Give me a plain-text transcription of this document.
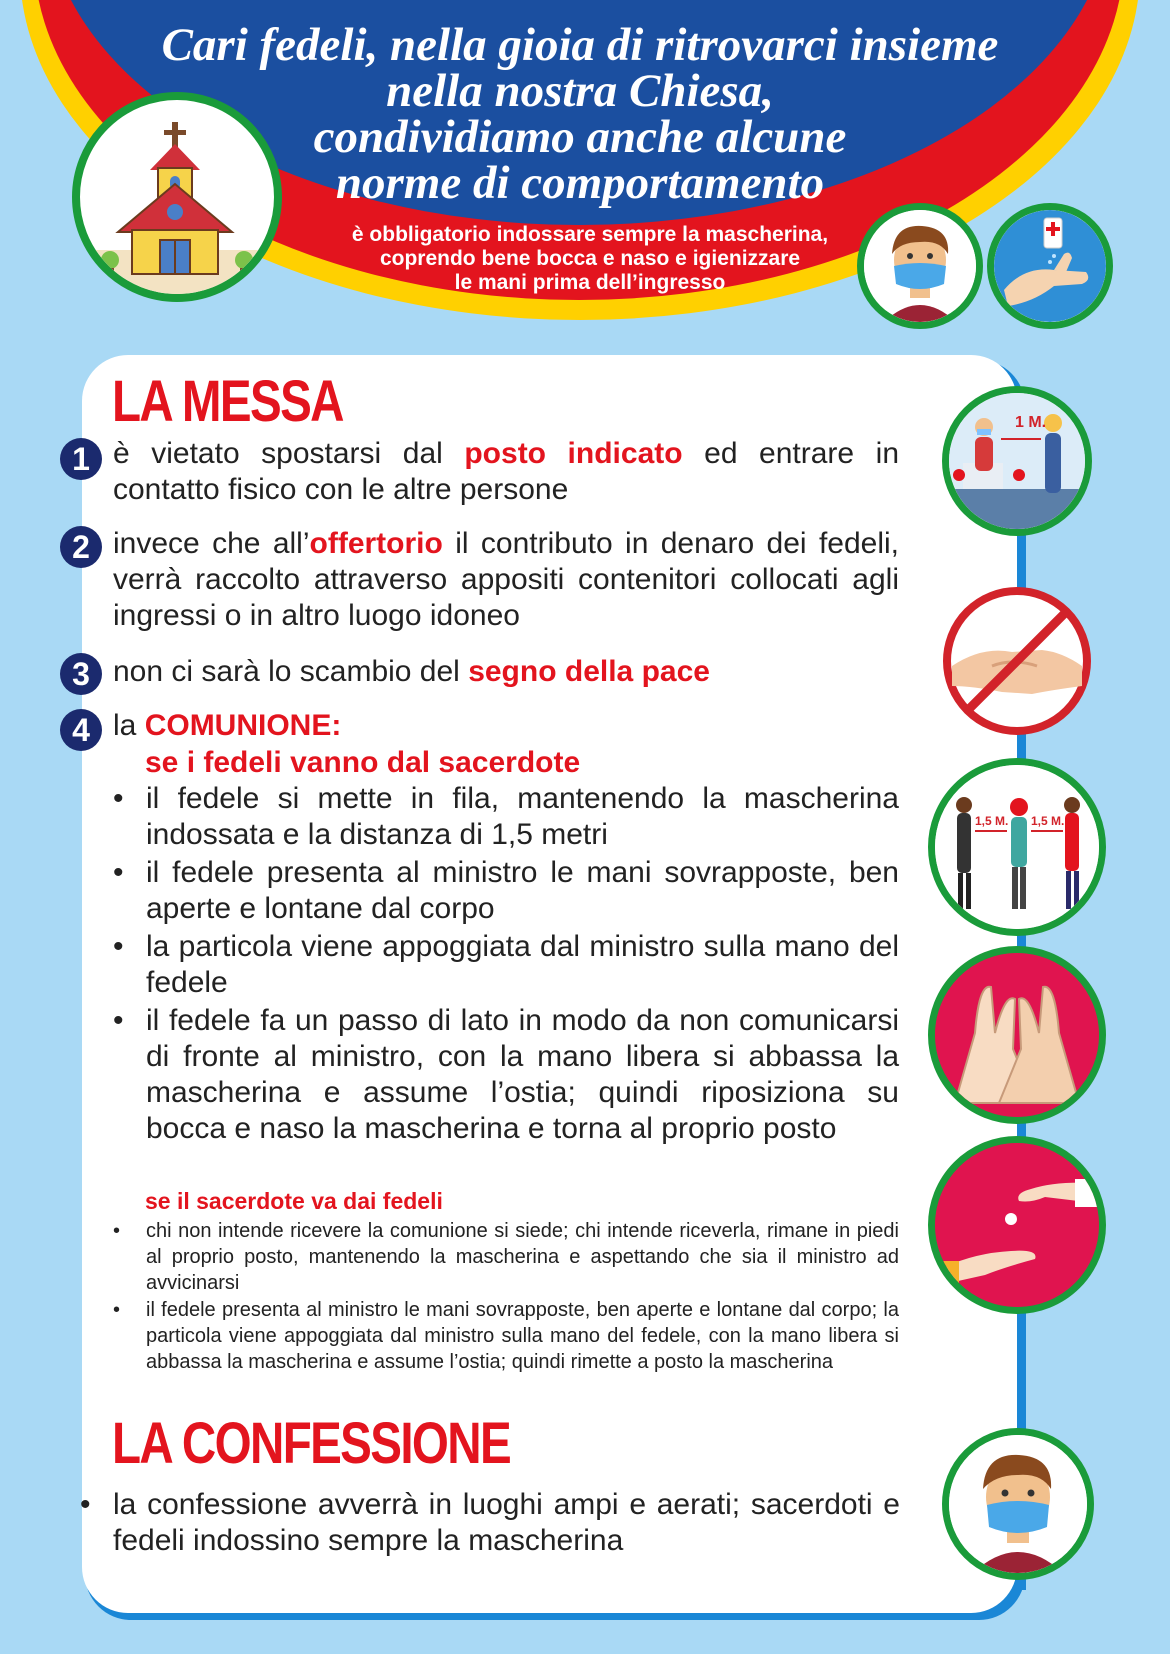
Cari fedeli, nella gioia di ritrovarci insieme
nella nostra Chiesa,
condividiamo anche alcune
norme di comportamento
è obbligatorio indossare sempre la mascherina,
coprendo bene bocca e naso e igienizzare
le mani prima dell’ingresso
LA MESSA
1 è vietato spostarsi dal posto indicato ed entrare in contatto fisico con le altre persone

2 invece che all’offertorio il contributo in denaro dei fedeli, verrà raccolto attraverso appositi contenitori collocati agli ingressi o in altro luogo idoneo

3 non ci sarà lo scambio del segno della pace

4 la COMUNIONE:

se i fedeli vanno dal sacerdote

• il fedele si mette in fila, mantenendo la mascherina indossata e la distanza di 1,5 metri

• il fedele presenta al ministro le mani sovrapposte, ben aperte e lontane dal corpo

• la particola viene appoggiata dal ministro sulla mano del fedele

• il fedele fa un passo di lato in modo da non comunicarsi di fronte al ministro, con la mano libera si abbassa la mascherina e assume l’ostia; quindi riposiziona su bocca e naso la mascherina e torna al proprio posto

se il sacerdote va dai fedeli

• chi non intende ricevere la comunione si siede; chi intende riceverla, rimane in piedi al proprio posto, mantenendo la mascherina e aspettando che sia il ministro ad avvicinarsi

• il fedele presenta al ministro le mani sovrapposte, ben aperte e lontane dal corpo; la particola viene appoggiata dal ministro sulla mano del fedele, con la mano libera si abbassa la mascherina e assume l’ostia; quindi rimette a posto la mascherina

LA CONFESSIONE

• la confessione avverrà in luoghi ampi e aerati; sacerdoti e fedeli indossino sempre la mascherina

1 M.
1,5 M. 1,5 M.
